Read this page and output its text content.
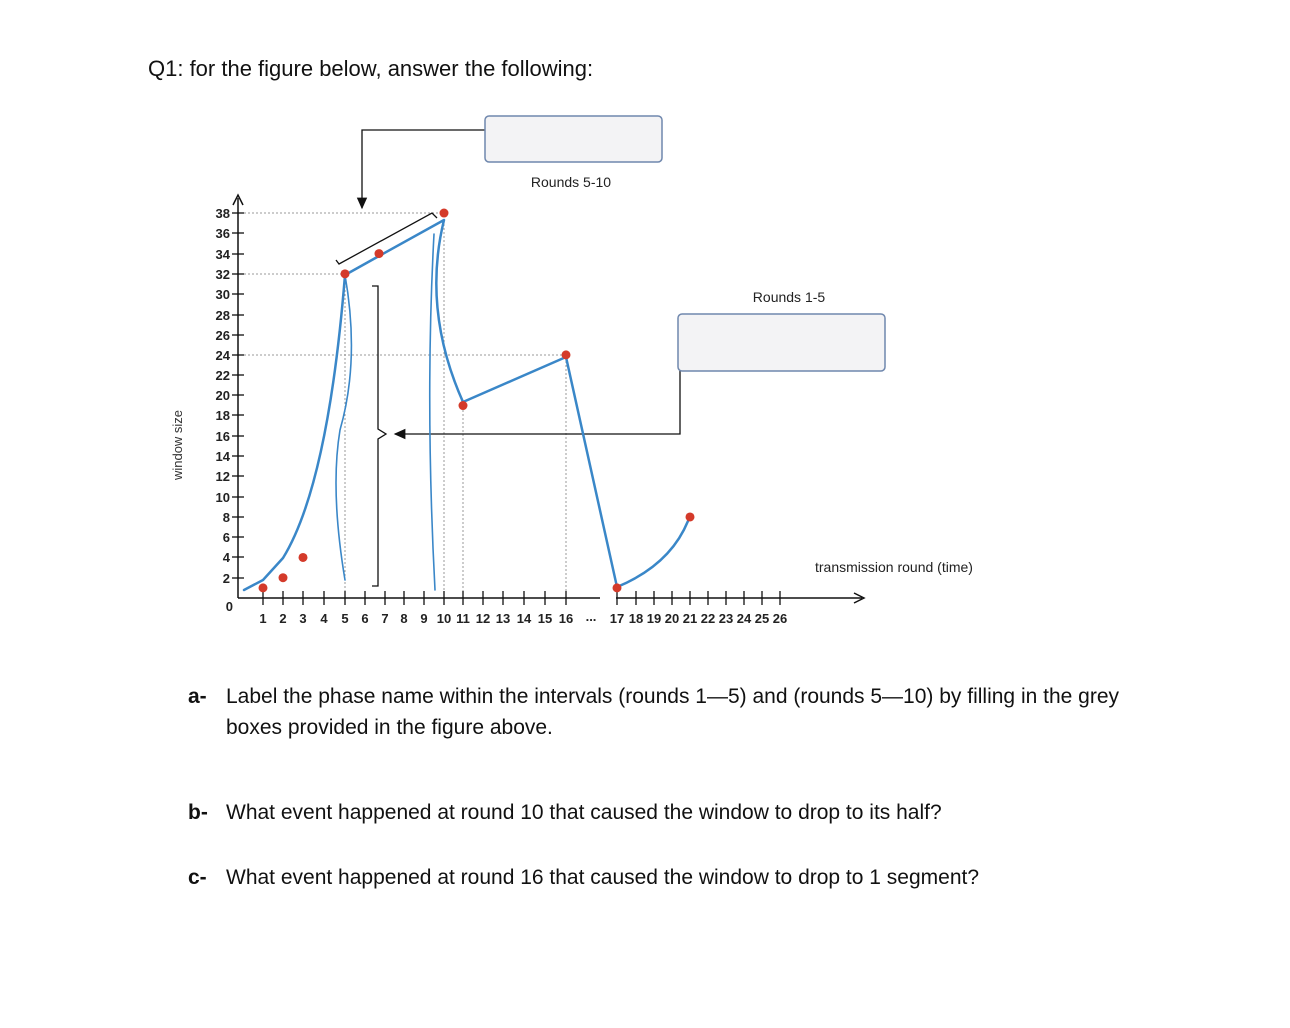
Q1: for the figure below, answer the following:
38
36
34
32
30
28
26
24
22
20
18
16
14
12
10
8
6
4
2
0
1 2 3 4 5 6 7 8 9 10 11 12 13 14 15 16 ... 17 18 19 20 21 22 23 24 25 26
window size
transmission round (time)
Rounds 5-10
Rounds 1-5
a- Label the phase name within the intervals (rounds 1—5) and (rounds 5—10) by filling in the grey boxes provided in the figure above.
b- What event happened at round 10 that caused the window to drop to its half?
c- What event happened at round 16 that caused the window to drop to 1 segment?
